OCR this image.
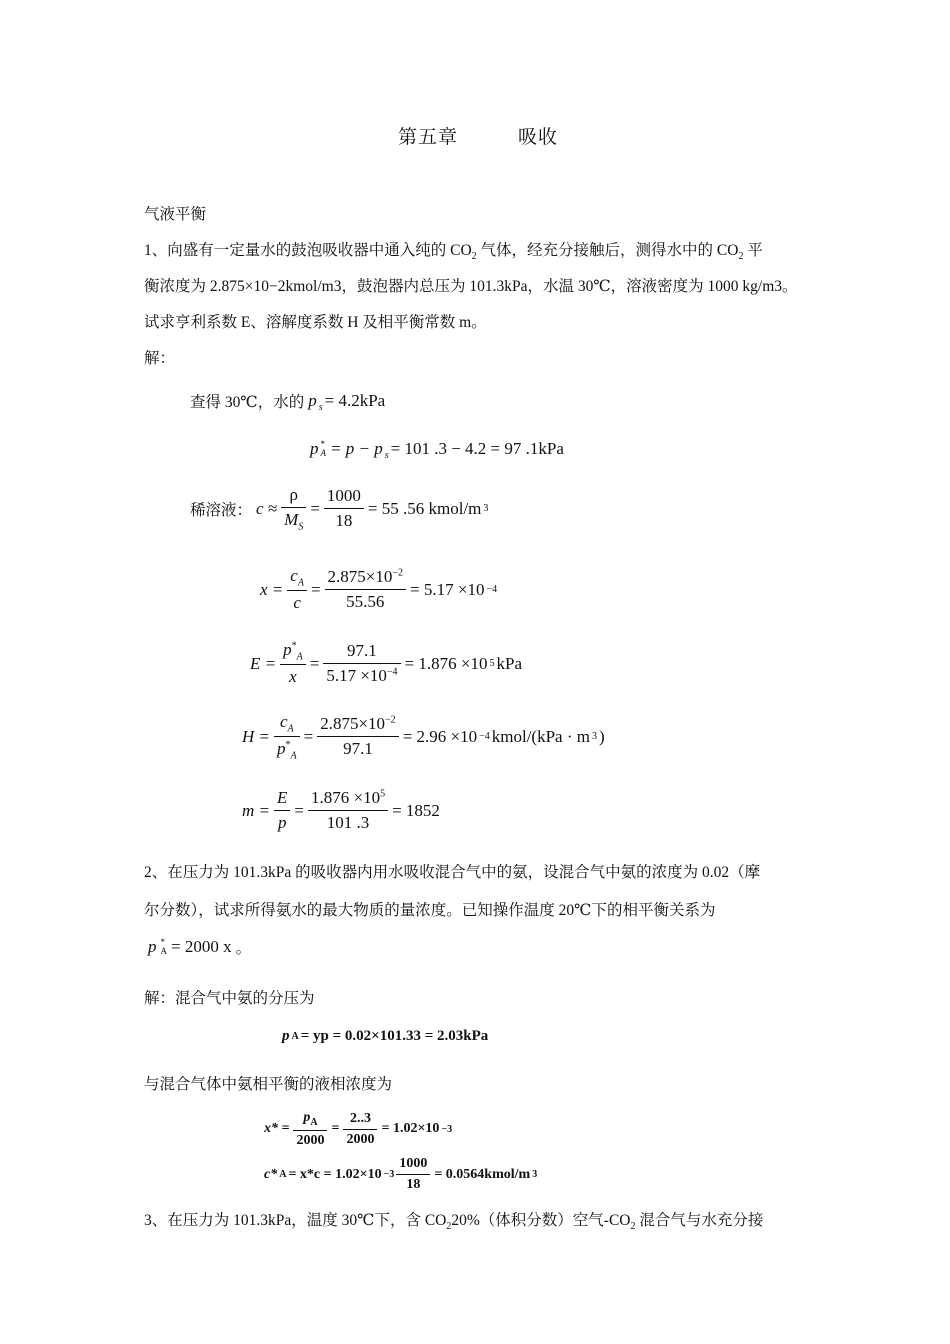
第五章　　　吸收
气液平衡
1、向盛有一定量水的鼓泡吸收器中通入纯的 $CO_2$ 气体，经充分接触后，测得水中的 $CO_2$ 平
衡浓度为 2.875×10−2kmol/m3，鼓泡器内总压为 101.3kPa，水温 30℃，溶液密度为 1000 kg/m3。
试求亨利系数 E、溶解度系数 H 及相平衡常数 m。
解：
查得 30℃，水的 $p_s = 4.2kPa$
p *
$A = p - p_s = 101$ .3 − 4.2 = 97 .1kPa
稀溶液： $c \approx \frac{\rho}{M_S} = \frac{1000}{18} = 55$ .56 kmol/m 3
$x = \frac{c_A}{c} = \frac{2.875\times 10^{-2}}{55.56} = 5.17 \times 10 -4$
$E = \frac{p^*_A}{x} = \frac{97.1}{5.17 \times 10^{-4}} = 1.876 \times 10$ 5 kPa
$H = \frac{c_A}{p^*_A} = \frac{2.875\times 10^{-2}}{97.1} = 2.96 \times 10 -4$ kmol/(kPa · m 3 )
$m = \frac{E}{p} = \frac{1.876 \times 10^5}{101 .3} = 1852$
2、在压力为 101.3kPa 的吸收器内用水吸收混合气中的氨，设混合气中氨的浓度为 0.02（摩
尔分数），试求所得氨水的最大物质的量浓度。已知操作温度 20℃下的相平衡关系为
p *
A = 2000 x 。
解：混合气中氨的分压为
p A = yp = 0.02×101.33 = 2.03kPa
与混合气体中氨相平衡的液相浓度为
$x* = \frac{p_A}{2000} = \frac{2..3}{2000} = 1.02\times 10 -3$
c* $A = x*c = 1.02\times 10 -3 \frac{1000}{18}$ = 0.0564kmol/m 3
3、在压力为 101.3kPa，温度 30℃下，含 $CO_220\%$（体积分数）空气$-CO_2$ 混合气与水充分接
